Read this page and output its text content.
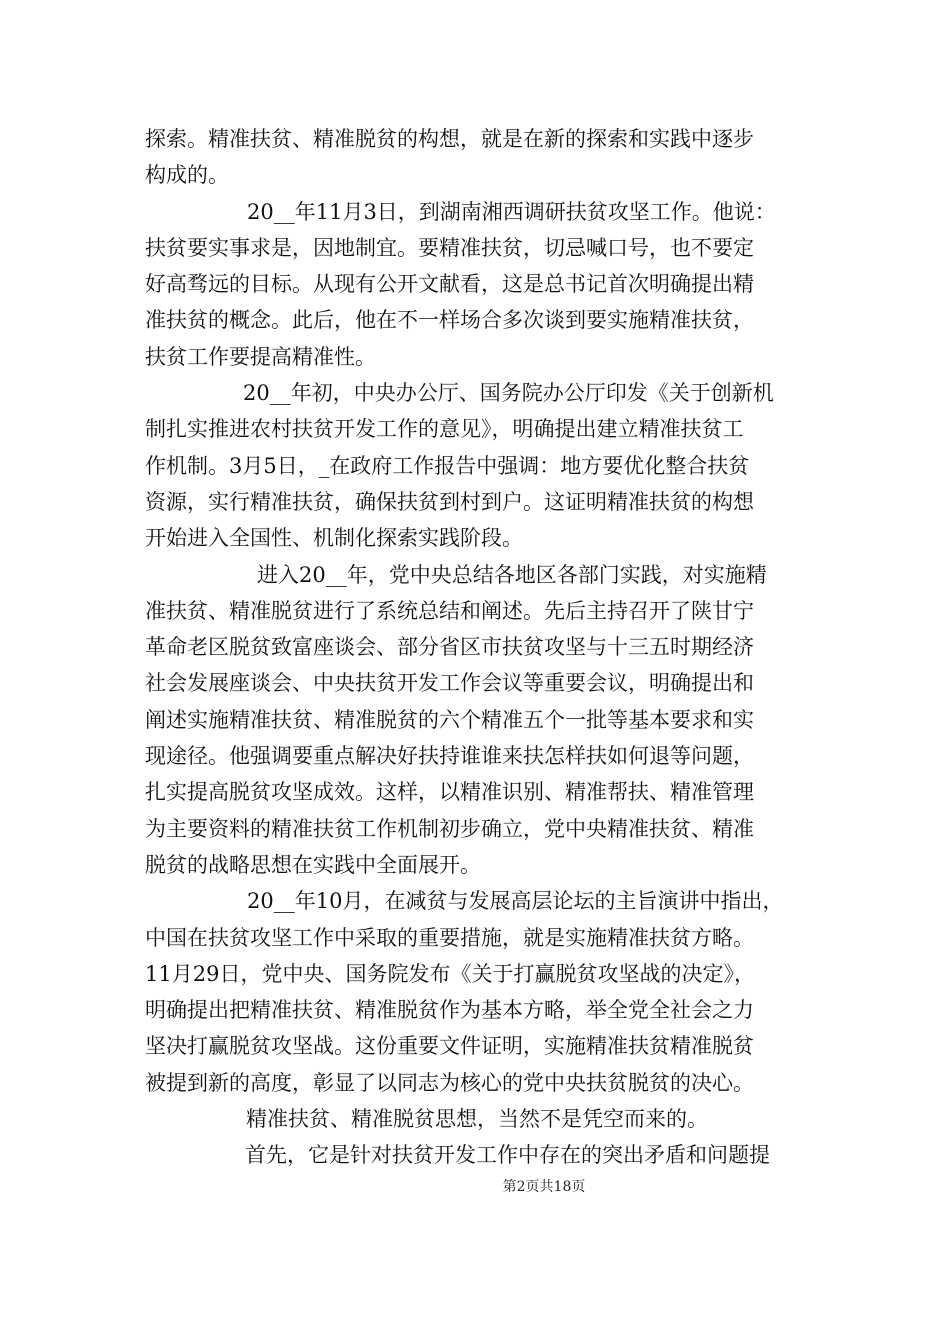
探索。精准扶贫、精准脱贫的构想，就是在新的探索和实践中逐步
构成的。
20__年11月3日，到湖南湘西调研扶贫攻坚工作。他说：
扶贫要实事求是，因地制宜。要精准扶贫，切忌喊口号，也不要定
好高骛远的目标。从现有公开文献看，这是总书记首次明确提出精
准扶贫的概念。此后，他在不一样场合多次谈到要实施精准扶贫，
扶贫工作要提高精准性。
20__年初，中央办公厅、国务院办公厅印发《关于创新机
制扎实推进农村扶贫开发工作的意见》，明确提出建立精准扶贫工
作机制。3月5日，_在政府工作报告中强调：地方要优化整合扶贫
资源，实行精准扶贫，确保扶贫到村到户。这证明精准扶贫的构想
开始进入全国性、机制化探索实践阶段。
进入20__年，党中央总结各地区各部门实践，对实施精
准扶贫、精准脱贫进行了系统总结和阐述。先后主持召开了陕甘宁
革命老区脱贫致富座谈会、部分省区市扶贫攻坚与十三五时期经济
社会发展座谈会、中央扶贫开发工作会议等重要会议，明确提出和
阐述实施精准扶贫、精准脱贫的六个精准五个一批等基本要求和实
现途径。他强调要重点解决好扶持谁谁来扶怎样扶如何退等问题，
扎实提高脱贫攻坚成效。这样，以精准识别、精准帮扶、精准管理
为主要资料的精准扶贫工作机制初步确立，党中央精准扶贫、精准
脱贫的战略思想在实践中全面展开。
20__年10月，在减贫与发展高层论坛的主旨演讲中指出，
中国在扶贫攻坚工作中采取的重要措施，就是实施精准扶贫方略。
11月29日，党中央、国务院发布《关于打赢脱贫攻坚战的决定》，
明确提出把精准扶贫、精准脱贫作为基本方略，举全党全社会之力
坚决打赢脱贫攻坚战。这份重要文件证明，实施精准扶贫精准脱贫
被提到新的高度，彰显了以同志为核心的党中央扶贫脱贫的决心。
精准扶贫、精准脱贫思想，当然不是凭空而来的。
首先，它是针对扶贫开发工作中存在的突出矛盾和问题提
第2页共18页
